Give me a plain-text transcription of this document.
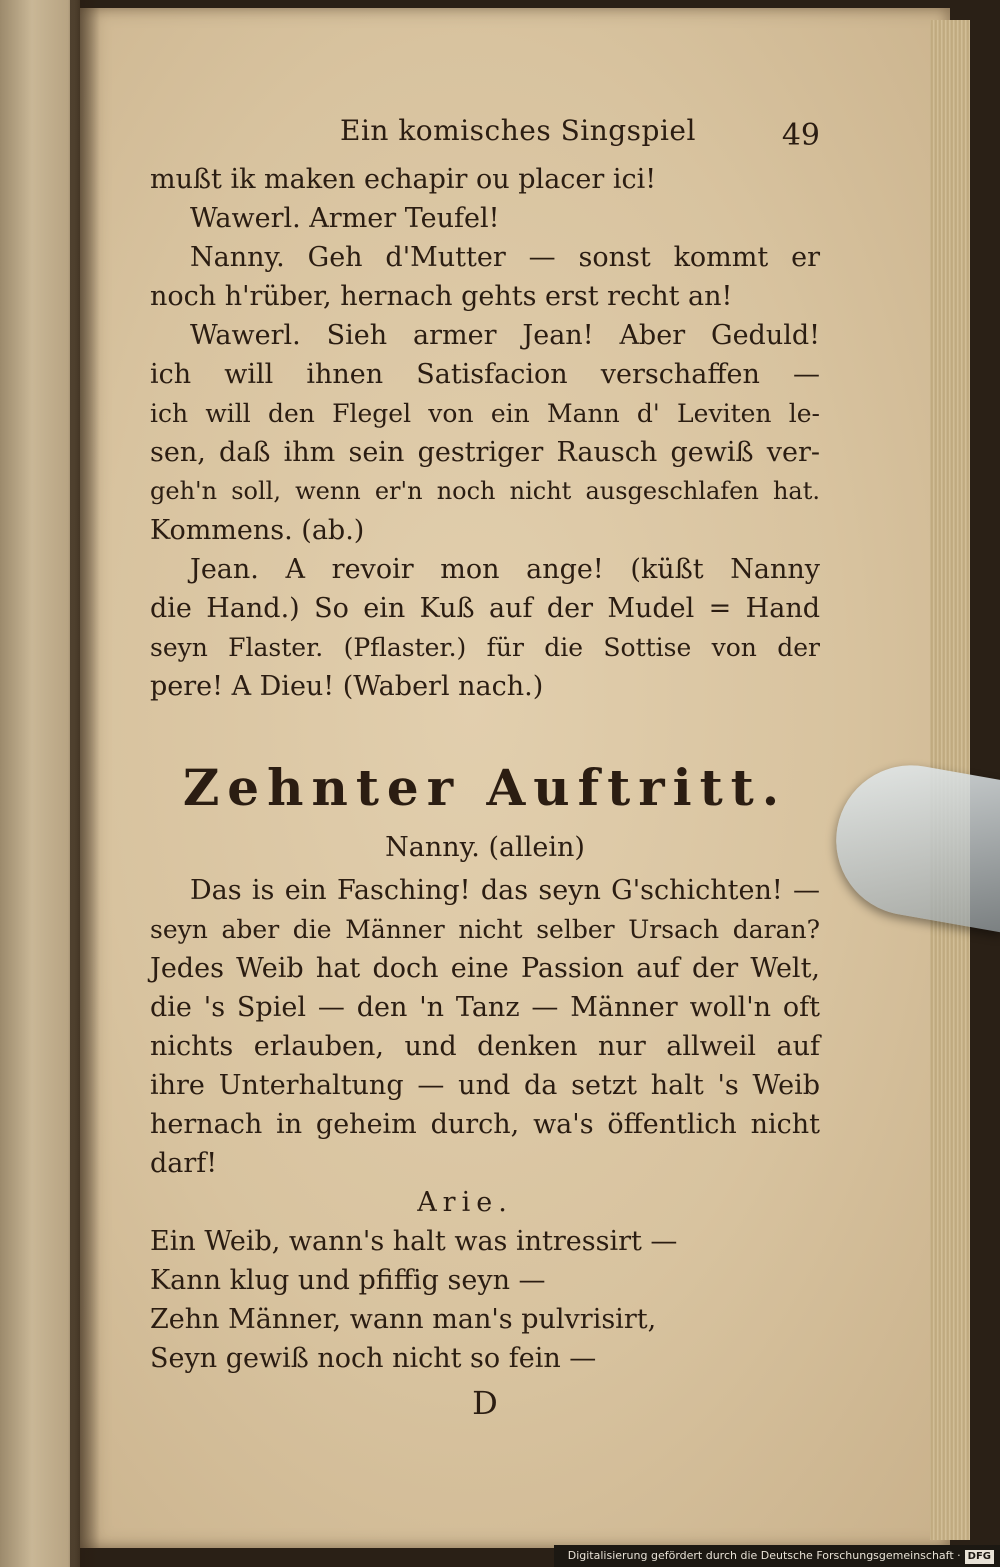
Ein komisches Singspiel	49
mußt ik maken echapir ou placer ici!
Wawerl. Armer Teufel!
Nanny. Geh d'Mutter — sonst kommt er
noch h'rüber, hernach gehts erst recht an!
Wawerl. Sieh armer Jean! Aber Geduld!
ich will ihnen Satisfacion verschaffen —
ich will den Flegel von ein Mann d' Leviten le-
sen, daß ihm sein gestriger Rausch gewiß ver-
geh'n soll, wenn er'n noch nicht ausgeschlafen hat.
Kommens. (ab.)
Jean. A revoir mon ange! (küßt Nanny
die Hand.) So ein Kuß auf der Mudel = Hand
seyn Flaster. (Pflaster.) für die Sottise von der
pere! A Dieu! (Waberl nach.)
Zehnter Auftritt.
Nanny. (allein)
Das is ein Fasching! das seyn G'schichten! —
seyn aber die Männer nicht selber Ursach daran?
Jedes Weib hat doch eine Passion auf der Welt,
die 's Spiel — den 'n Tanz — Männer woll'n oft
nichts erlauben, und denken nur allweil auf
ihre Unterhaltung — und da setzt halt 's Weib
hernach in geheim durch, wa's öffentlich nicht
darf!
Arie.
Ein Weib, wann's halt was intressirt —
Kann klug und pfiffig seyn —
Zehn Männer, wann man's pulvrisirt,
Seyn gewiß noch nicht so fein —
D
Digitalisierung gefördert durch die Deutsche Forschungsgemeinschaft · DFG
